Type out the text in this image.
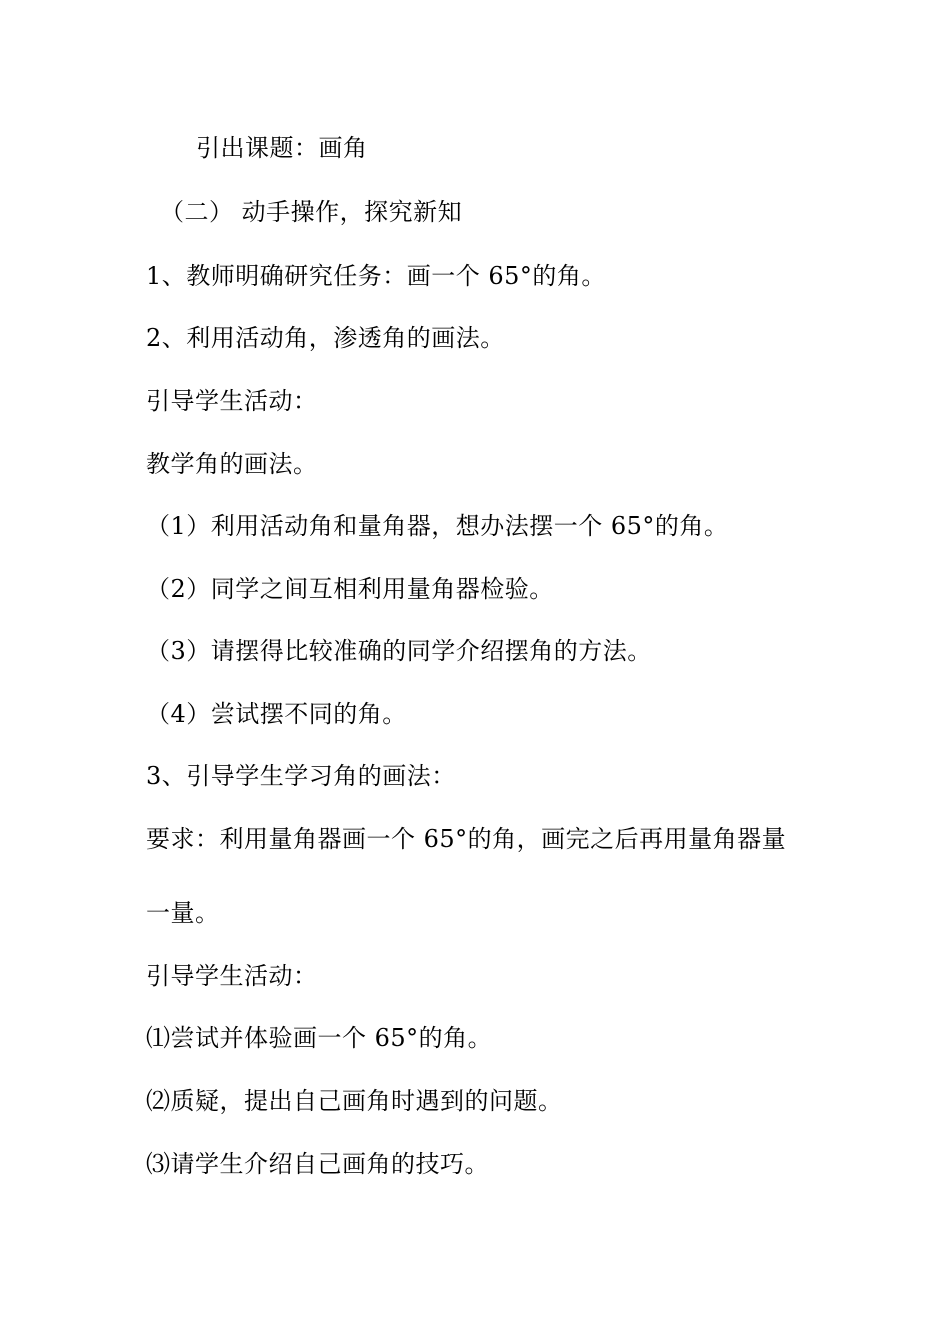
引出课题：画角
（二） 动手操作，探究新知
1、教师明确研究任务：画一个 65°的角。
2、利用活动角，渗透角的画法。
引导学生活动：
教学角的画法。
（1）利用活动角和量角器，想办法摆一个 65°的角。
（2）同学之间互相利用量角器检验。
（3）请摆得比较准确的同学介绍摆角的方法。
（4）尝试摆不同的角。
3、引导学生学习角的画法：
要求：利用量角器画一个 65°的角，画完之后再用量角器量
一量。
引导学生活动：
⑴尝试并体验画一个 65°的角。
⑵质疑，提出自己画角时遇到的问题。
⑶请学生介绍自己画角的技巧。
